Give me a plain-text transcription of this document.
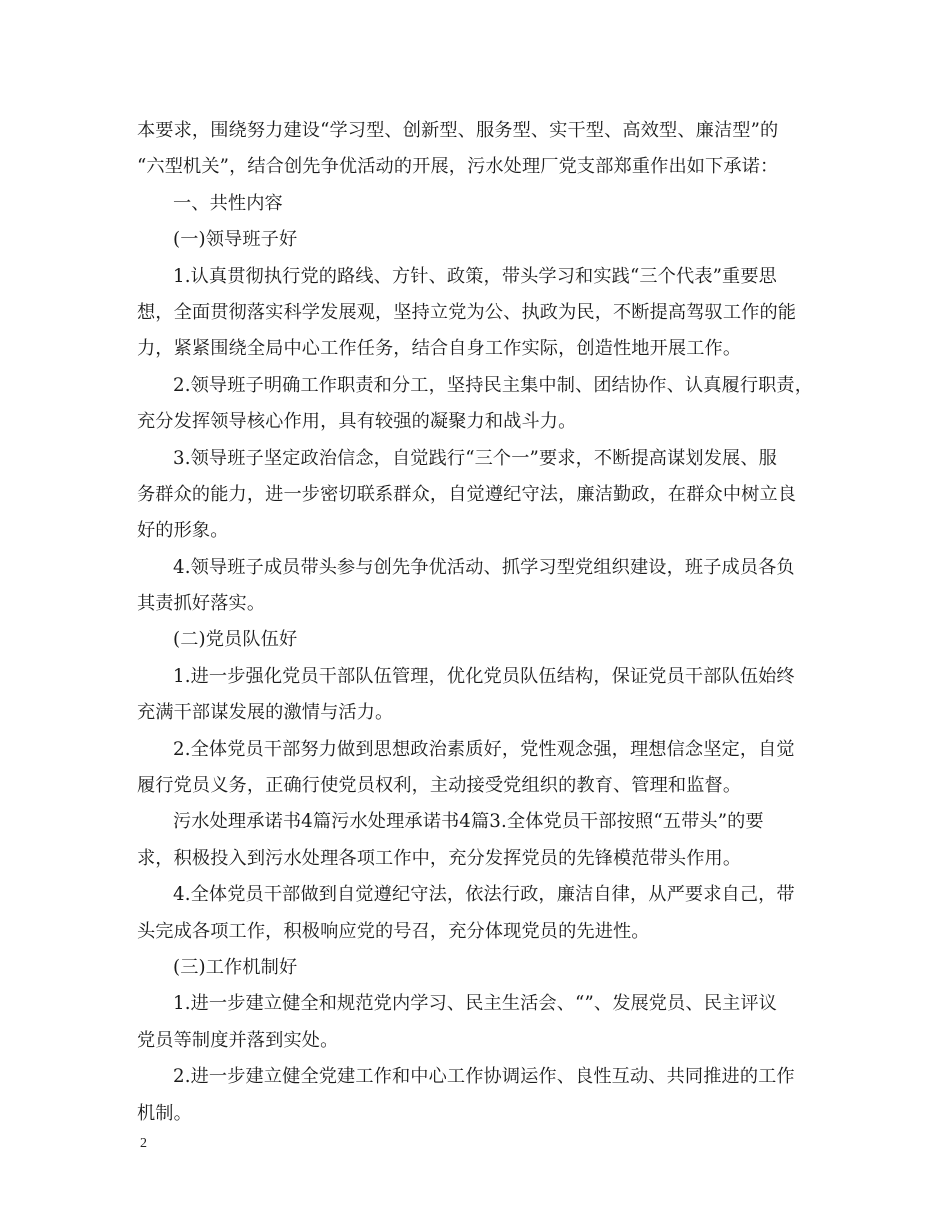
本要求，围绕努力建设“学习型、创新型、服务型、实干型、高效型、廉洁型”的
“六型机关”，结合创先争优活动的开展，污水处理厂党支部郑重作出如下承诺：
一、共性内容
(一)领导班子好
1.认真贯彻执行党的路线、方针、政策，带头学习和实践“三个代表”重要思
想，全面贯彻落实科学发展观，坚持立党为公、执政为民，不断提高驾驭工作的能
力，紧紧围绕全局中心工作任务，结合自身工作实际，创造性地开展工作。
2.领导班子明确工作职责和分工，坚持民主集中制、团结协作、认真履行职责，
充分发挥领导核心作用，具有较强的凝聚力和战斗力。
3.领导班子坚定政治信念，自觉践行“三个一”要求，不断提高谋划发展、服
务群众的能力，进一步密切联系群众，自觉遵纪守法，廉洁勤政，在群众中树立良
好的形象。
4.领导班子成员带头参与创先争优活动、抓学习型党组织建设，班子成员各负
其责抓好落实。
(二)党员队伍好
1.进一步强化党员干部队伍管理，优化党员队伍结构，保证党员干部队伍始终
充满干部谋发展的激情与活力。
2.全体党员干部努力做到思想政治素质好，党性观念强，理想信念坚定，自觉
履行党员义务，正确行使党员权利，主动接受党组织的教育、管理和监督。
污水处理承诺书4篇污水处理承诺书4篇3.全体党员干部按照“五带头”的要
求，积极投入到污水处理各项工作中，充分发挥党员的先锋模范带头作用。
4.全体党员干部做到自觉遵纪守法，依法行政，廉洁自律，从严要求自己，带
头完成各项工作，积极响应党的号召，充分体现党员的先进性。
(三)工作机制好
1.进一步建立健全和规范党内学习、民主生活会、“”、发展党员、民主评议
党员等制度并落到实处。
2.进一步建立健全党建工作和中心工作协调运作、良性互动、共同推进的工作
机制。
2
